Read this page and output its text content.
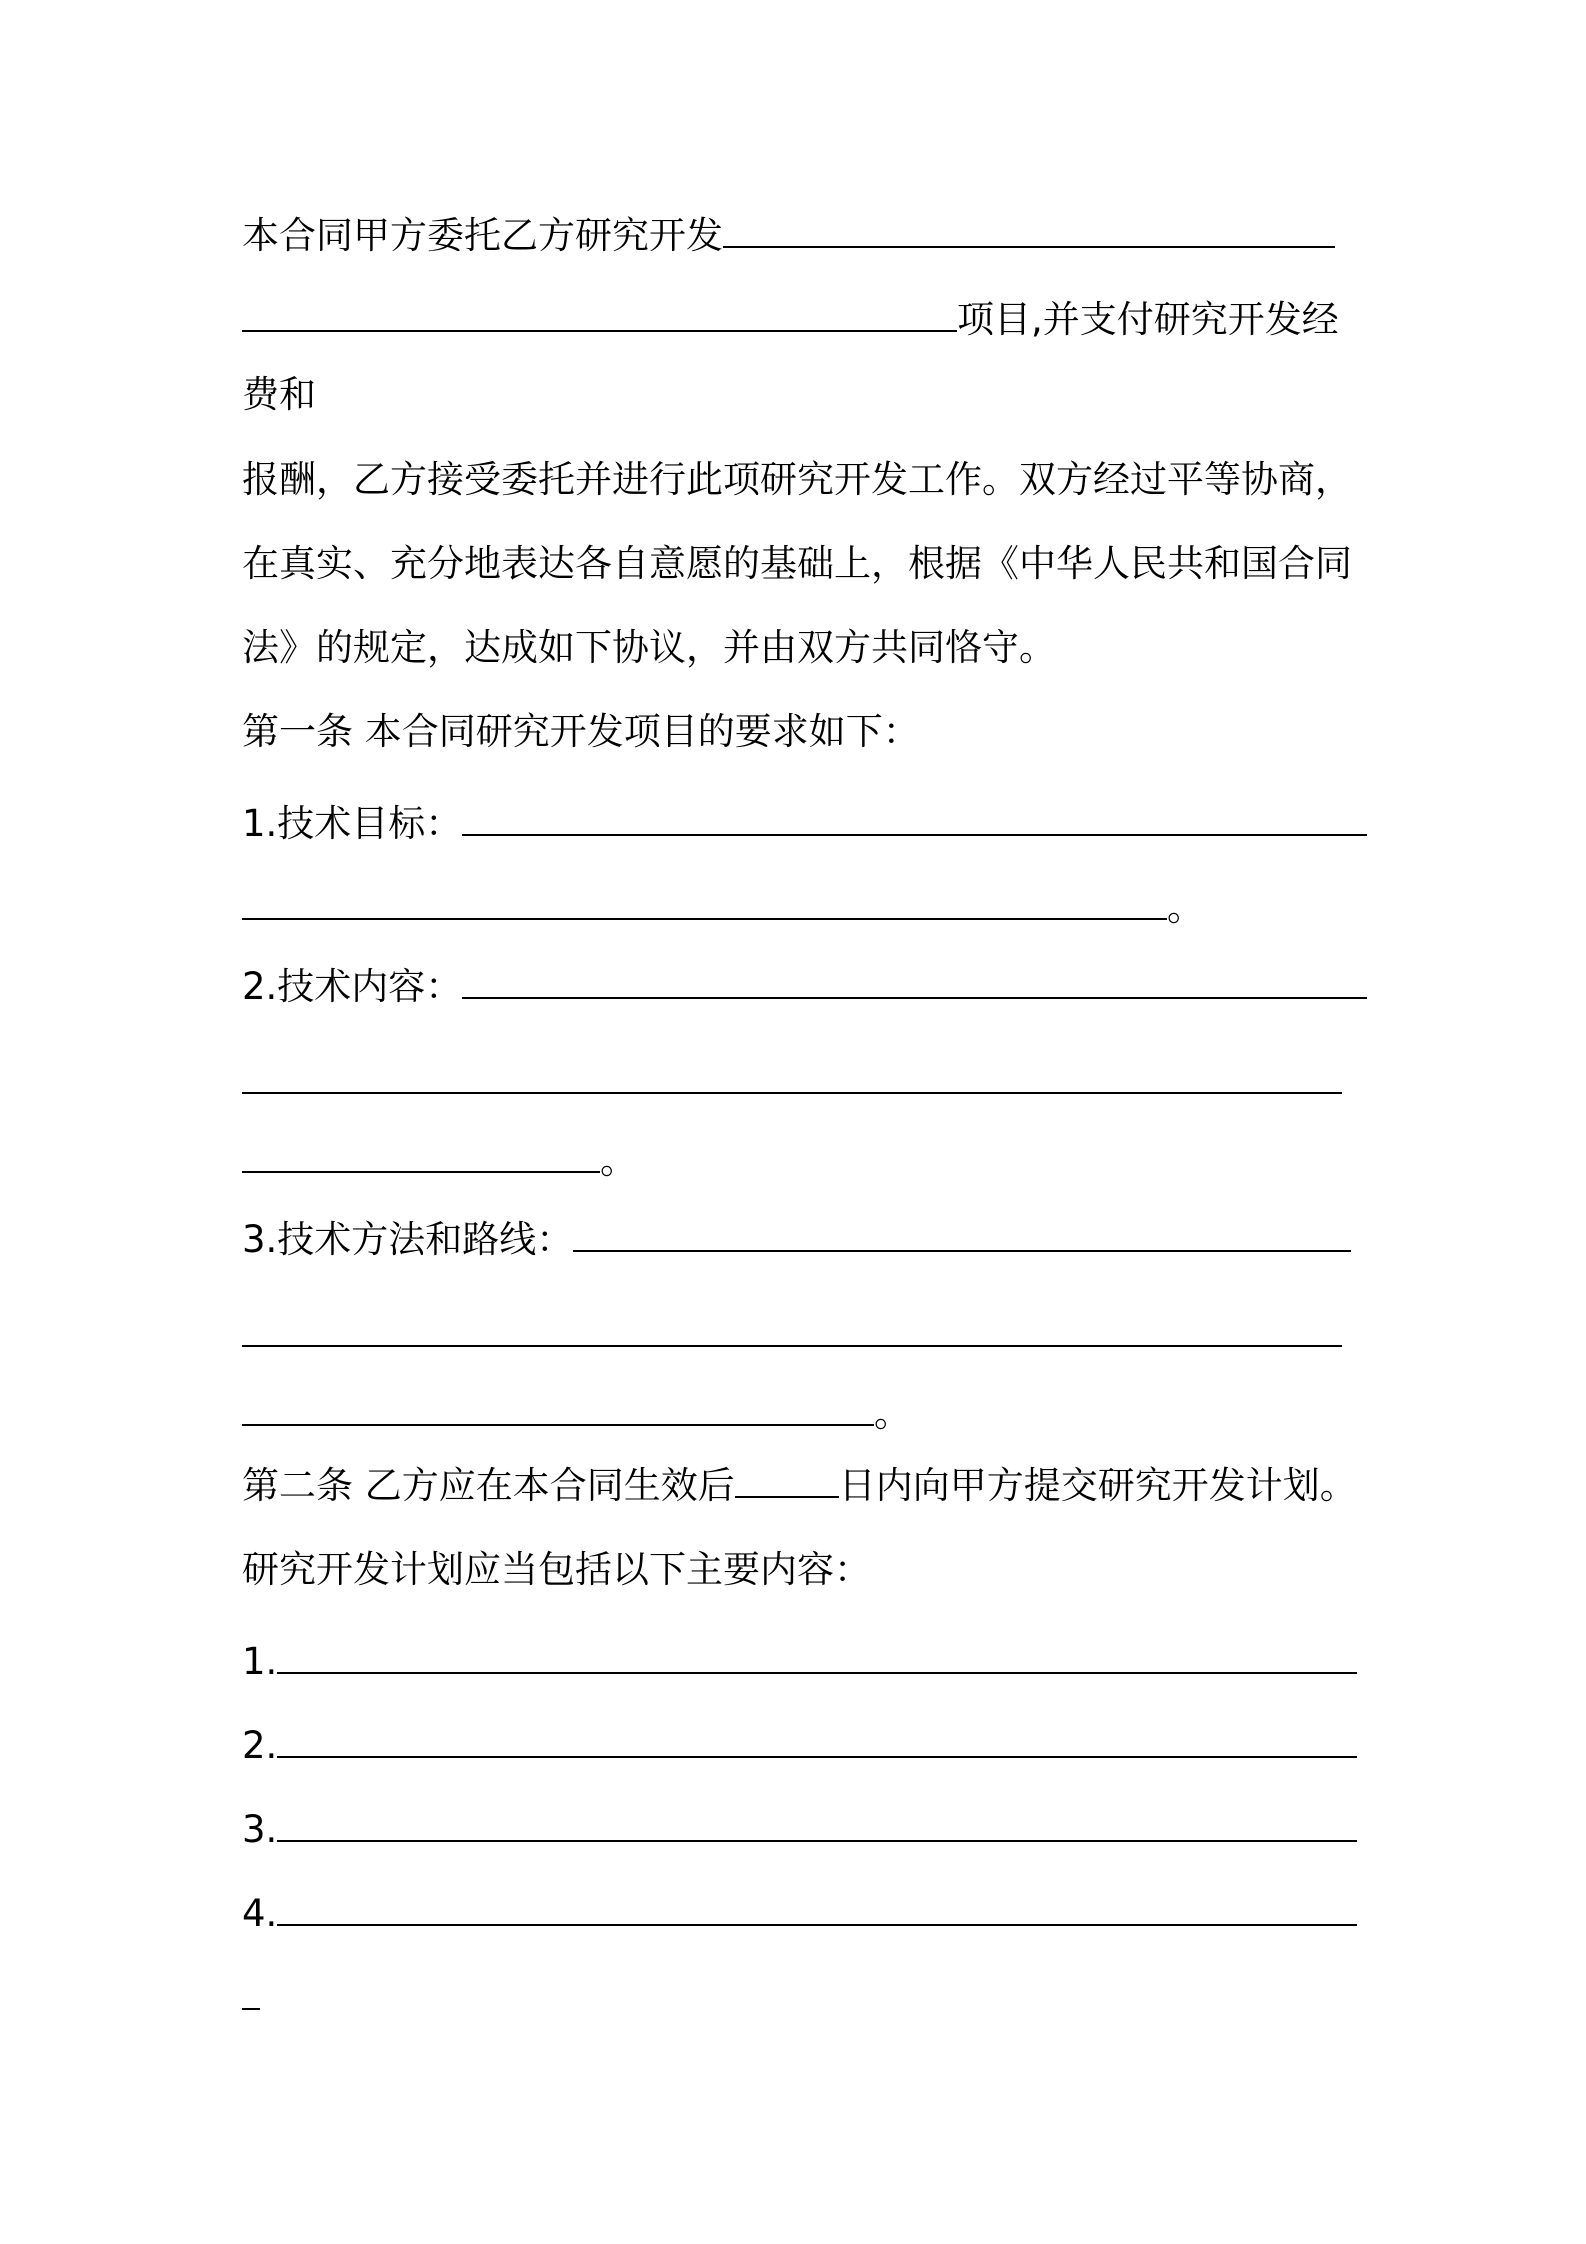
本合同甲方委托乙方研究开发
项目,并支付研究开发经
费和
报酬，乙方接受委托并进行此项研究开发工作。双方经过平等协商，
在真实、充分地表达各自意愿的基础上，根据《中华人民共和国合同
法》的规定，达成如下协议，并由双方共同恪守。
第一条 本合同研究开发项目的要求如下：
1.技术目标：
。
2.技术内容：
。
3.技术方法和路线：
。
第二条 乙方应在本合同生效后	日内向甲方提交研究开发计划。
研究开发计划应当包括以下主要内容：
1.
2.
3.
4.
